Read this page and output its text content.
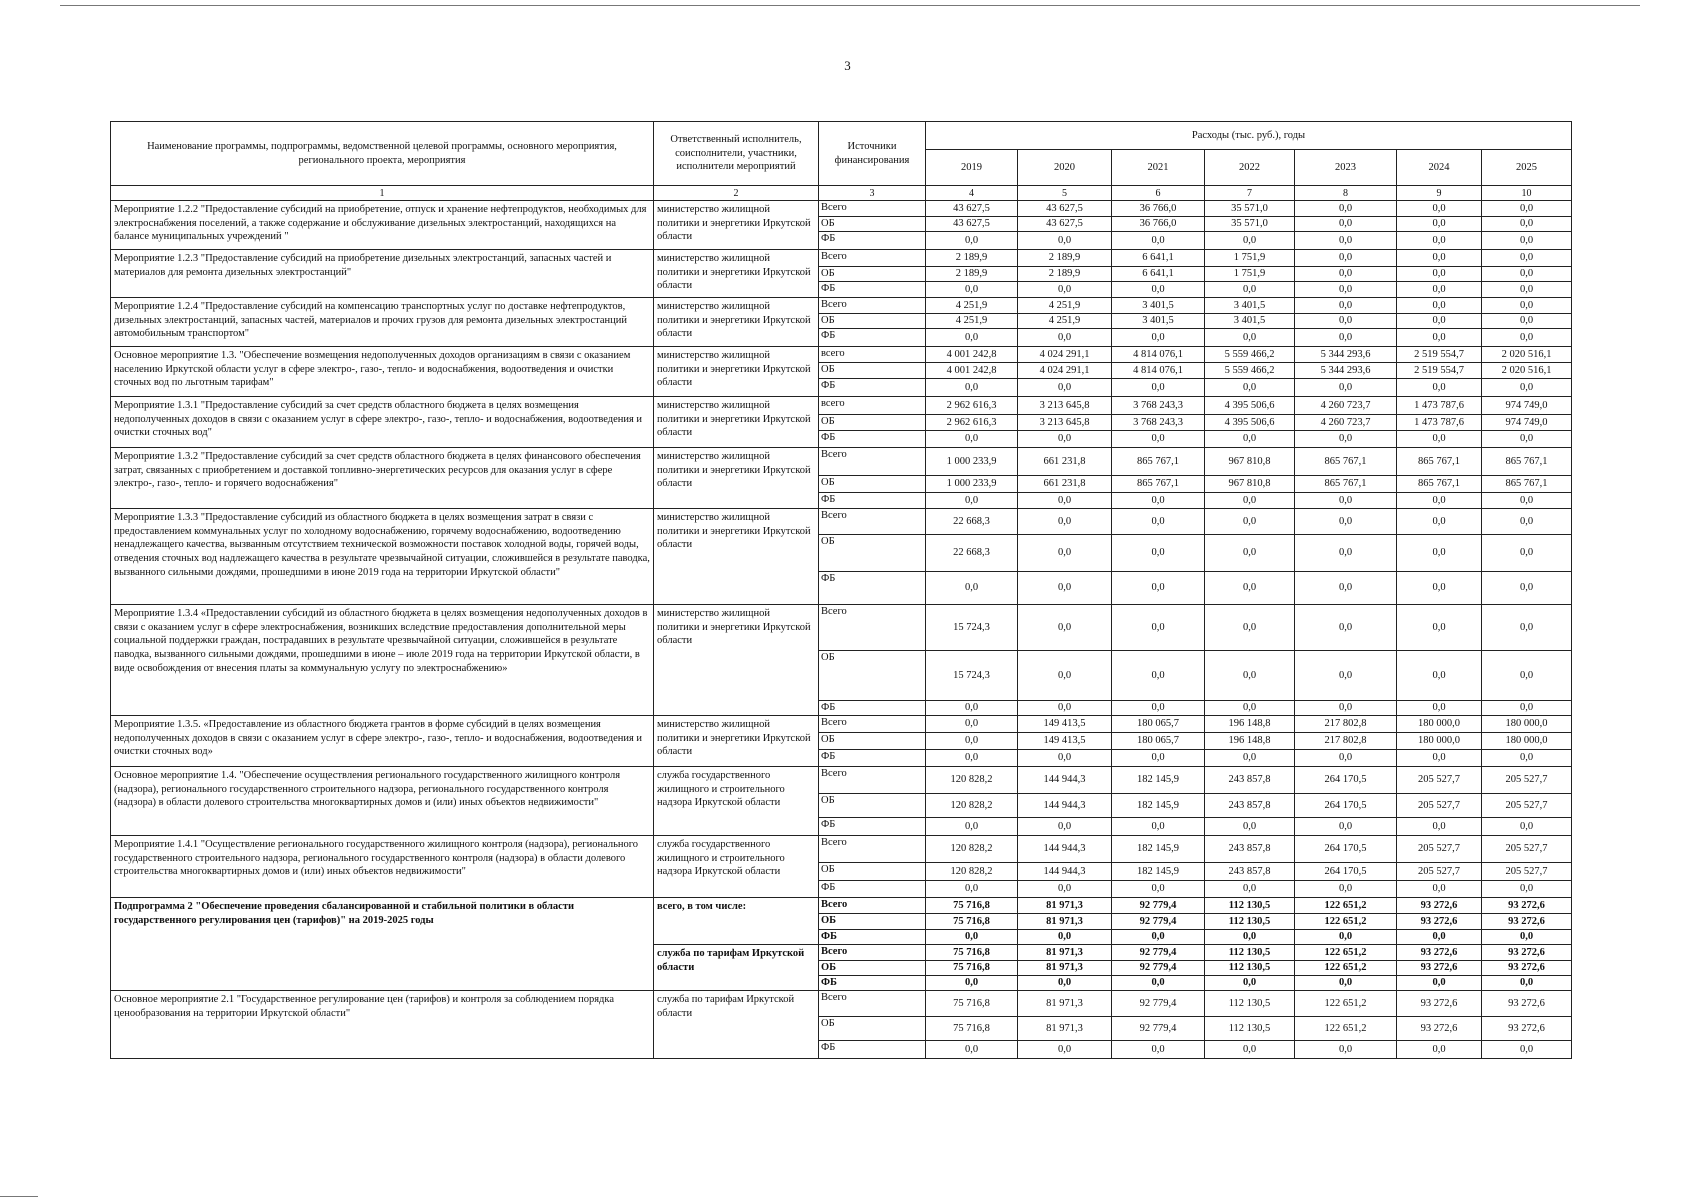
3
Наименование программы, подпрограммы, ведомственной целевой программы, основного мероприятия, регионального проекта, мероприятия	Ответственный исполнитель, соисполнители, участники, исполнители мероприятий	Источники финансирования	Расходы (тыс. руб.), годы						
			2019	2020	2021	2022	2023	2024	2025
1	2	3	4	5	6	7	8	9	10
Мероприятие 1.2.2 "Предоставление субсидий на приобретение, отпуск и хранение нефтепродуктов, необходимых для электроснабжения поселений, а также содержание и обслуживание дизельных электростанций, находящихся на балансе муниципальных учреждений "	министерство жилищной политики и энергетики Иркутской области	Всего	43 627,5	43 627,5	36 766,0	35 571,0	0,0	0,0	0,0
		ОБ	43 627,5	43 627,5	36 766,0	35 571,0	0,0	0,0	0,0
		ФБ	0,0	0,0	0,0	0,0	0,0	0,0	0,0
Мероприятие 1.2.3 "Предоставление субсидий на приобретение дизельных электростанций, запасных частей и материалов для ремонта дизельных электростанций"	министерство жилищной политики и энергетики Иркутской области	Всего	2 189,9	2 189,9	6 641,1	1 751,9	0,0	0,0	0,0
		ОБ	2 189,9	2 189,9	6 641,1	1 751,9	0,0	0,0	0,0
		ФБ	0,0	0,0	0,0	0,0	0,0	0,0	0,0
Мероприятие 1.2.4 "Предоставление субсидий на компенсацию транспортных услуг по доставке нефтепродуктов, дизельных электростанций, запасных частей, материалов и прочих грузов для ремонта дизельных электростанций автомобильным транспортом"	министерство жилищной политики и энергетики Иркутской области	Всего	4 251,9	4 251,9	3 401,5	3 401,5	0,0	0,0	0,0
		ОБ	4 251,9	4 251,9	3 401,5	3 401,5	0,0	0,0	0,0
		ФБ	0,0	0,0	0,0	0,0	0,0	0,0	0,0
Основное мероприятие 1.3. "Обеспечение возмещения недополученных доходов организациям в связи с оказанием населению Иркутской области услуг в сфере электро-, газо-, тепло- и водоснабжения, водоотведения и очистки сточных вод по льготным тарифам"	министерство жилищной политики и энергетики Иркутской области	всего	4 001 242,8	4 024 291,1	4 814 076,1	5 559 466,2	5 344 293,6	2 519 554,7	2 020 516,1
		ОБ	4 001 242,8	4 024 291,1	4 814 076,1	5 559 466,2	5 344 293,6	2 519 554,7	2 020 516,1
		ФБ	0,0	0,0	0,0	0,0	0,0	0,0	0,0
Мероприятие 1.3.1 "Предоставление субсидий за счет средств областного бюджета в целях возмещения недополученных доходов в связи с оказанием услуг в сфере электро-, газо-, тепло- и водоснабжения, водоотведения и очистки сточных вод"	министерство жилищной политики и энергетики Иркутской области	всего	2 962 616,3	3 213 645,8	3 768 243,3	4 395 506,6	4 260 723,7	1 473 787,6	974 749,0
		ОБ	2 962 616,3	3 213 645,8	3 768 243,3	4 395 506,6	4 260 723,7	1 473 787,6	974 749,0
		ФБ	0,0	0,0	0,0	0,0	0,0	0,0	0,0
Мероприятие 1.3.2 "Предоставление субсидий за счет средств областного бюджета в целях финансового обеспечения затрат, связанных с приобретением и доставкой топливно-энергетических ресурсов для оказания услуг в сфере электро-, газо-, тепло- и горячего водоснабжения"	министерство жилищной политики и энергетики Иркутской области	Всего	1 000 233,9	661 231,8	865 767,1	967 810,8	865 767,1	865 767,1	865 767,1
		ОБ	1 000 233,9	661 231,8	865 767,1	967 810,8	865 767,1	865 767,1	865 767,1
		ФБ	0,0	0,0	0,0	0,0	0,0	0,0	0,0
Мероприятие 1.3.3 "Предоставление субсидий из областного бюджета в целях возмещения затрат в связи с предоставлением коммунальных услуг по холодному водоснабжению, горячему водоснабжению, водоотведению ненадлежащего качества, вызванным отсутствием технической возможности поставок холодной воды, горячей воды, отведения сточных вод надлежащего качества в результате чрезвычайной ситуации, сложившейся в результате паводка, вызванного сильными дождями, прошедшими в июне 2019 года на территории Иркутской области"	министерство жилищной политики и энергетики Иркутской области	Всего	22 668,3	0,0	0,0	0,0	0,0	0,0	0,0
		ОБ	22 668,3	0,0	0,0	0,0	0,0	0,0	0,0
		ФБ	0,0	0,0	0,0	0,0	0,0	0,0	0,0
Мероприятие 1.3.4 «Предоставлении субсидий из областного бюджета в целях возмещения недополученных доходов в связи с оказанием услуг в сфере электроснабжения, возникших вследствие предоставления дополнительной меры социальной поддержки граждан, пострадавших в результате чрезвычайной ситуации, сложившейся в результате паводка, вызванного сильными дождями, прошедшими в июне – июле 2019 года на территории Иркутской области, в виде освобождения от внесения платы за коммунальную услугу по электроснабжению»	министерство жилищной политики и энергетики Иркутской области	Всего	15 724,3	0,0	0,0	0,0	0,0	0,0	0,0
		ОБ	15 724,3	0,0	0,0	0,0	0,0	0,0	0,0
		ФБ	0,0	0,0	0,0	0,0	0,0	0,0	0,0
Мероприятие 1.3.5. «Предоставление из областного бюджета грантов в форме субсидий в целях возмещения недополученных доходов в связи с оказанием услуг в сфере электро-, газо-, тепло- и водоснабжения, водоотведения и очистки сточных вод»	министерство жилищной политики и энергетики Иркутской области	Всего	0,0	149 413,5	180 065,7	196 148,8	217 802,8	180 000,0	180 000,0
		ОБ	0,0	149 413,5	180 065,7	196 148,8	217 802,8	180 000,0	180 000,0
		ФБ	0,0	0,0	0,0	0,0	0,0	0,0	0,0
Основное мероприятие 1.4. "Обеспечение осуществления регионального государственного жилищного контроля (надзора), регионального государственного строительного надзора, регионального государственного контроля (надзора) в области долевого строительства многоквартирных домов и (или) иных объектов недвижимости"	служба государственного жилищного и строительного надзора Иркутской области	Всего	120 828,2	144 944,3	182 145,9	243 857,8	264 170,5	205 527,7	205 527,7
		ОБ	120 828,2	144 944,3	182 145,9	243 857,8	264 170,5	205 527,7	205 527,7
		ФБ	0,0	0,0	0,0	0,0	0,0	0,0	0,0
Мероприятие 1.4.1 "Осуществление регионального государственного жилищного контроля (надзора), регионального государственного строительного надзора, регионального государственного контроля (надзора) в области долевого строительства многоквартирных домов и (или) иных объектов недвижимости"	служба государственного жилищного и строительного надзора Иркутской области	Всего	120 828,2	144 944,3	182 145,9	243 857,8	264 170,5	205 527,7	205 527,7
		ОБ	120 828,2	144 944,3	182 145,9	243 857,8	264 170,5	205 527,7	205 527,7
		ФБ	0,0	0,0	0,0	0,0	0,0	0,0	0,0
Подпрограмма 2 "Обеспечение проведения сбалансированной и стабильной политики в области государственного регулирования цен (тарифов)" на 2019-2025 годы	всего, в том числе:	Всего	75 716,8	81 971,3	92 779,4	112 130,5	122 651,2	93 272,6	93 272,6
		ОБ	75 716,8	81 971,3	92 779,4	112 130,5	122 651,2	93 272,6	93 272,6
		ФБ	0,0	0,0	0,0	0,0	0,0	0,0	0,0
	служба по тарифам Иркутской области	Всего	75 716,8	81 971,3	92 779,4	112 130,5	122 651,2	93 272,6	93 272,6
		ОБ	75 716,8	81 971,3	92 779,4	112 130,5	122 651,2	93 272,6	93 272,6
		ФБ	0,0	0,0	0,0	0,0	0,0	0,0	0,0
Основное мероприятие 2.1 "Государственное регулирование цен (тарифов) и контроля за соблюдением порядка ценообразования на территории Иркутской области"	служба по тарифам Иркутской области	Всего	75 716,8	81 971,3	92 779,4	112 130,5	122 651,2	93 272,6	93 272,6
		ОБ	75 716,8	81 971,3	92 779,4	112 130,5	122 651,2	93 272,6	93 272,6
		ФБ	0,0	0,0	0,0	0,0	0,0	0,0	0,0
